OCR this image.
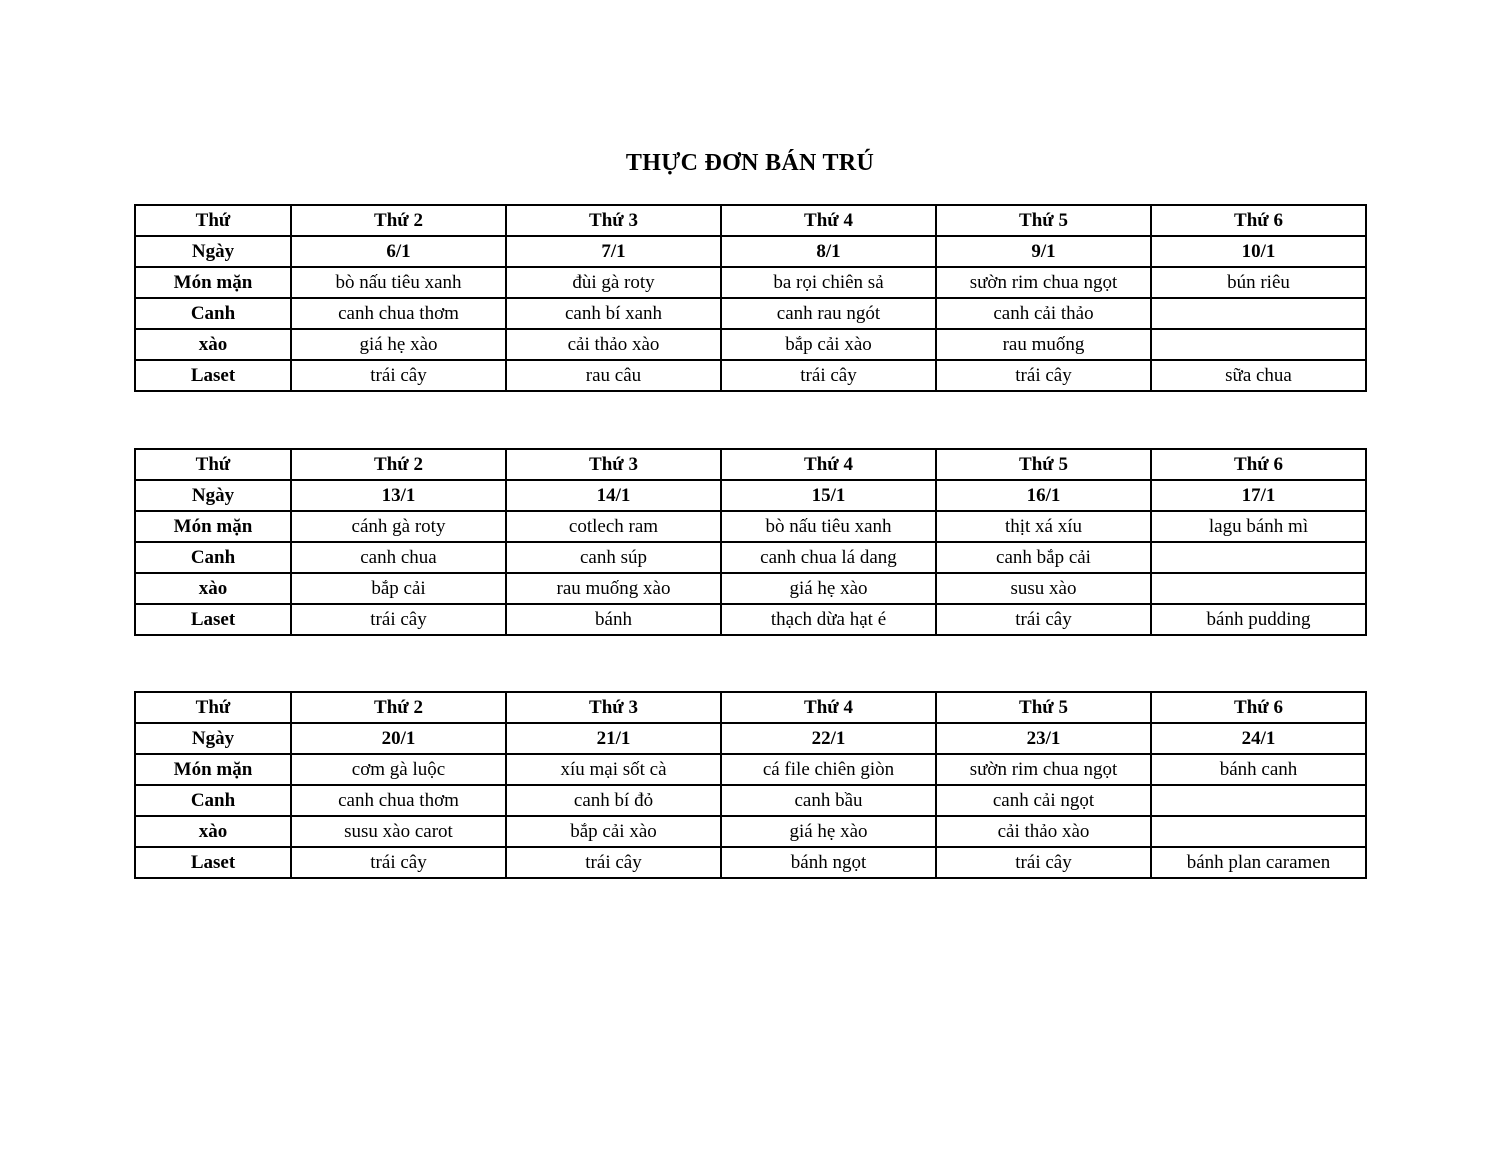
THỰC ĐƠN BÁN TRÚ
Thứ	Thứ 2	Thứ 3	Thứ 4	Thứ 5	Thứ 6
Ngày	6/1	7/1	8/1	9/1	10/1
Món mặn	bò nấu tiêu xanh	đùi gà roty	ba rọi chiên sả	sườn rim chua ngọt	bún riêu
Canh	canh chua thơm	canh bí xanh	canh rau ngót	canh cải thảo	
xào	giá hẹ xào	cải thảo xào	bắp cải xào	rau muống	
Laset	trái cây	rau câu	trái cây	trái cây	sữa chua
Thứ	Thứ 2	Thứ 3	Thứ 4	Thứ 5	Thứ 6
Ngày	13/1	14/1	15/1	16/1	17/1
Món mặn	cánh gà roty	cotlech ram	bò nấu tiêu xanh	thịt xá xíu	lagu bánh mì
Canh	canh chua	canh súp	canh chua lá dang	canh bắp cải	
xào	bắp cải	rau muống xào	giá hẹ xào	susu xào	
Laset	trái cây	bánh	thạch dừa hạt é	trái cây	bánh pudding
Thứ	Thứ 2	Thứ 3	Thứ 4	Thứ 5	Thứ 6
Ngày	20/1	21/1	22/1	23/1	24/1
Món mặn	cơm gà luộc	xíu mại sốt cà	cá file chiên giòn	sườn rim chua ngọt	bánh canh
Canh	canh chua thơm	canh bí đỏ	canh bầu	canh cải ngọt	
xào	susu xào carot	bắp cải xào	giá hẹ xào	cải thảo xào	
Laset	trái cây	trái cây	bánh ngọt	trái cây	bánh plan caramen
